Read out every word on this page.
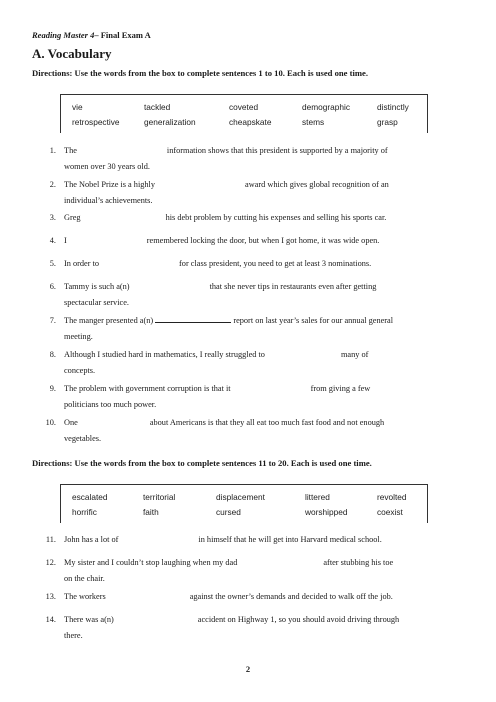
Reading Master 4– Final Exam A
A. Vocabulary
Directions: Use the words from the box to complete sentences 1 to 10. Each is used one time.
vie	tackled	coveted	demographic	distinctly
retrospective	generalization	cheapskate	stems	grasp
1. The	information shows that this president is supported by a majority of
women over 30 years old.
2. The Nobel Prize is a highly	award which gives global recognition of an
individual’s achievements.
3. Greg	his debt problem by cutting his expenses and selling his sports car.
4. I	remembered locking the door, but when I got home, it was wide open.
5. In order to	for class president, you need to get at least 3 nominations.
6. Tammy is such a(n)	that she never tips in restaurants even after getting
spectacular service.
7. The manger presented a(n)	report on last year’s sales for our annual general
meeting.
8. Although I studied hard in mathematics, I really struggled to	many of
concepts.
9. The problem with government corruption is that it	from giving a few
politicians too much power.
10. One	about Americans is that they all eat too much fast food and not enough
vegetables.
Directions: Use the words from the box to complete sentences 11 to 20. Each is used one time.
escalated	territorial	displacement	littered	revolted
horrific	faith	cursed	worshipped	coexist
11. John has a lot of	in himself that he will get into Harvard medical school.
12. My sister and I couldn’t stop laughing when my dad	after stubbing his toe
on the chair.
13. The workers	against the owner’s demands and decided to walk off the job.
14. There was a(n)	accident on Highway 1, so you should avoid driving through
there.
2
